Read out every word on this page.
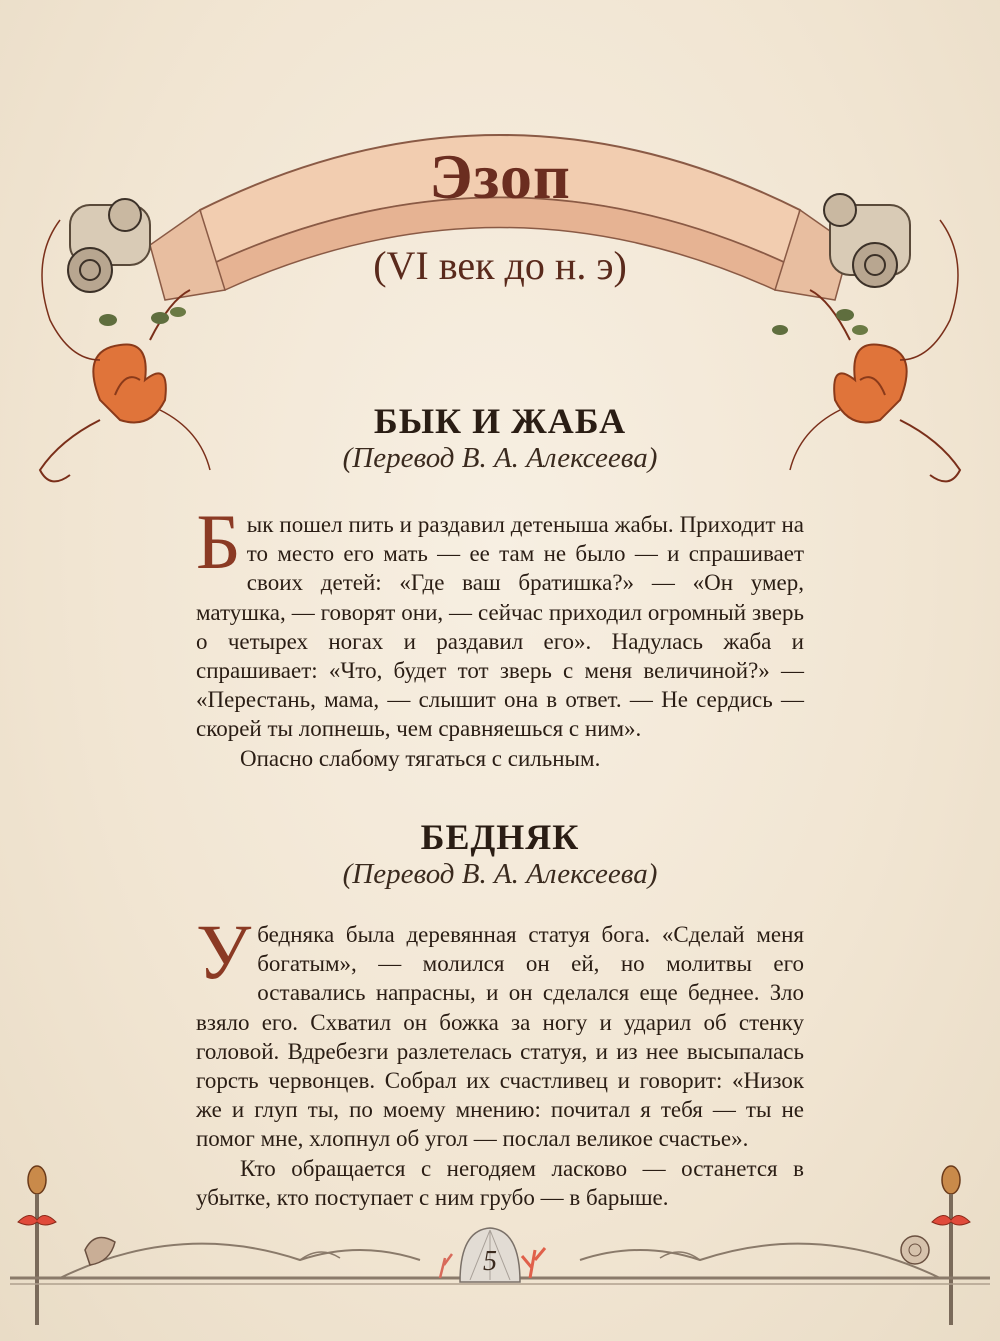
Эзоп
(VI век до н. э)
БЫК И ЖАБА
(Перевод В. А. Алексеева)

Бык пошел пить и раздавил детеныша жабы. Приходит на то место его мать — ее там не было — и спрашивает своих детей: «Где ваш братишка?» — «Он умер, матушка, — говорят они, — сейчас приходил огромный зверь о четырех ногах и раздавил его». Надулась жаба и спрашивает: «Что, будет тот зверь с меня величиной?» — «Перестань, мама, — слышит она в ответ. — Не сердись — скорей ты лопнешь, чем сравняешься с ним».

Опасно слабому тягаться с сильным.

БЕДНЯК
(Перевод В. А. Алексеева)

У бедняка была деревянная статуя бога. «Сделай меня богатым», — молился он ей, но молитвы его оставались напрасны, и он сделался еще беднее. Зло взяло его. Схватил он божка за ногу и ударил об стенку головой. Вдребезги разлетелась статуя, и из нее высыпалась горсть червонцев. Собрал их счастливец и говорит: «Низок же и глуп ты, по моему мнению: почитал я тебя — ты не помог мне, хлопнул об угол — послал великое счастье».

Кто обращается с негодяем ласково — останется в убытке, кто поступает с ним грубо — в барыше.

5
